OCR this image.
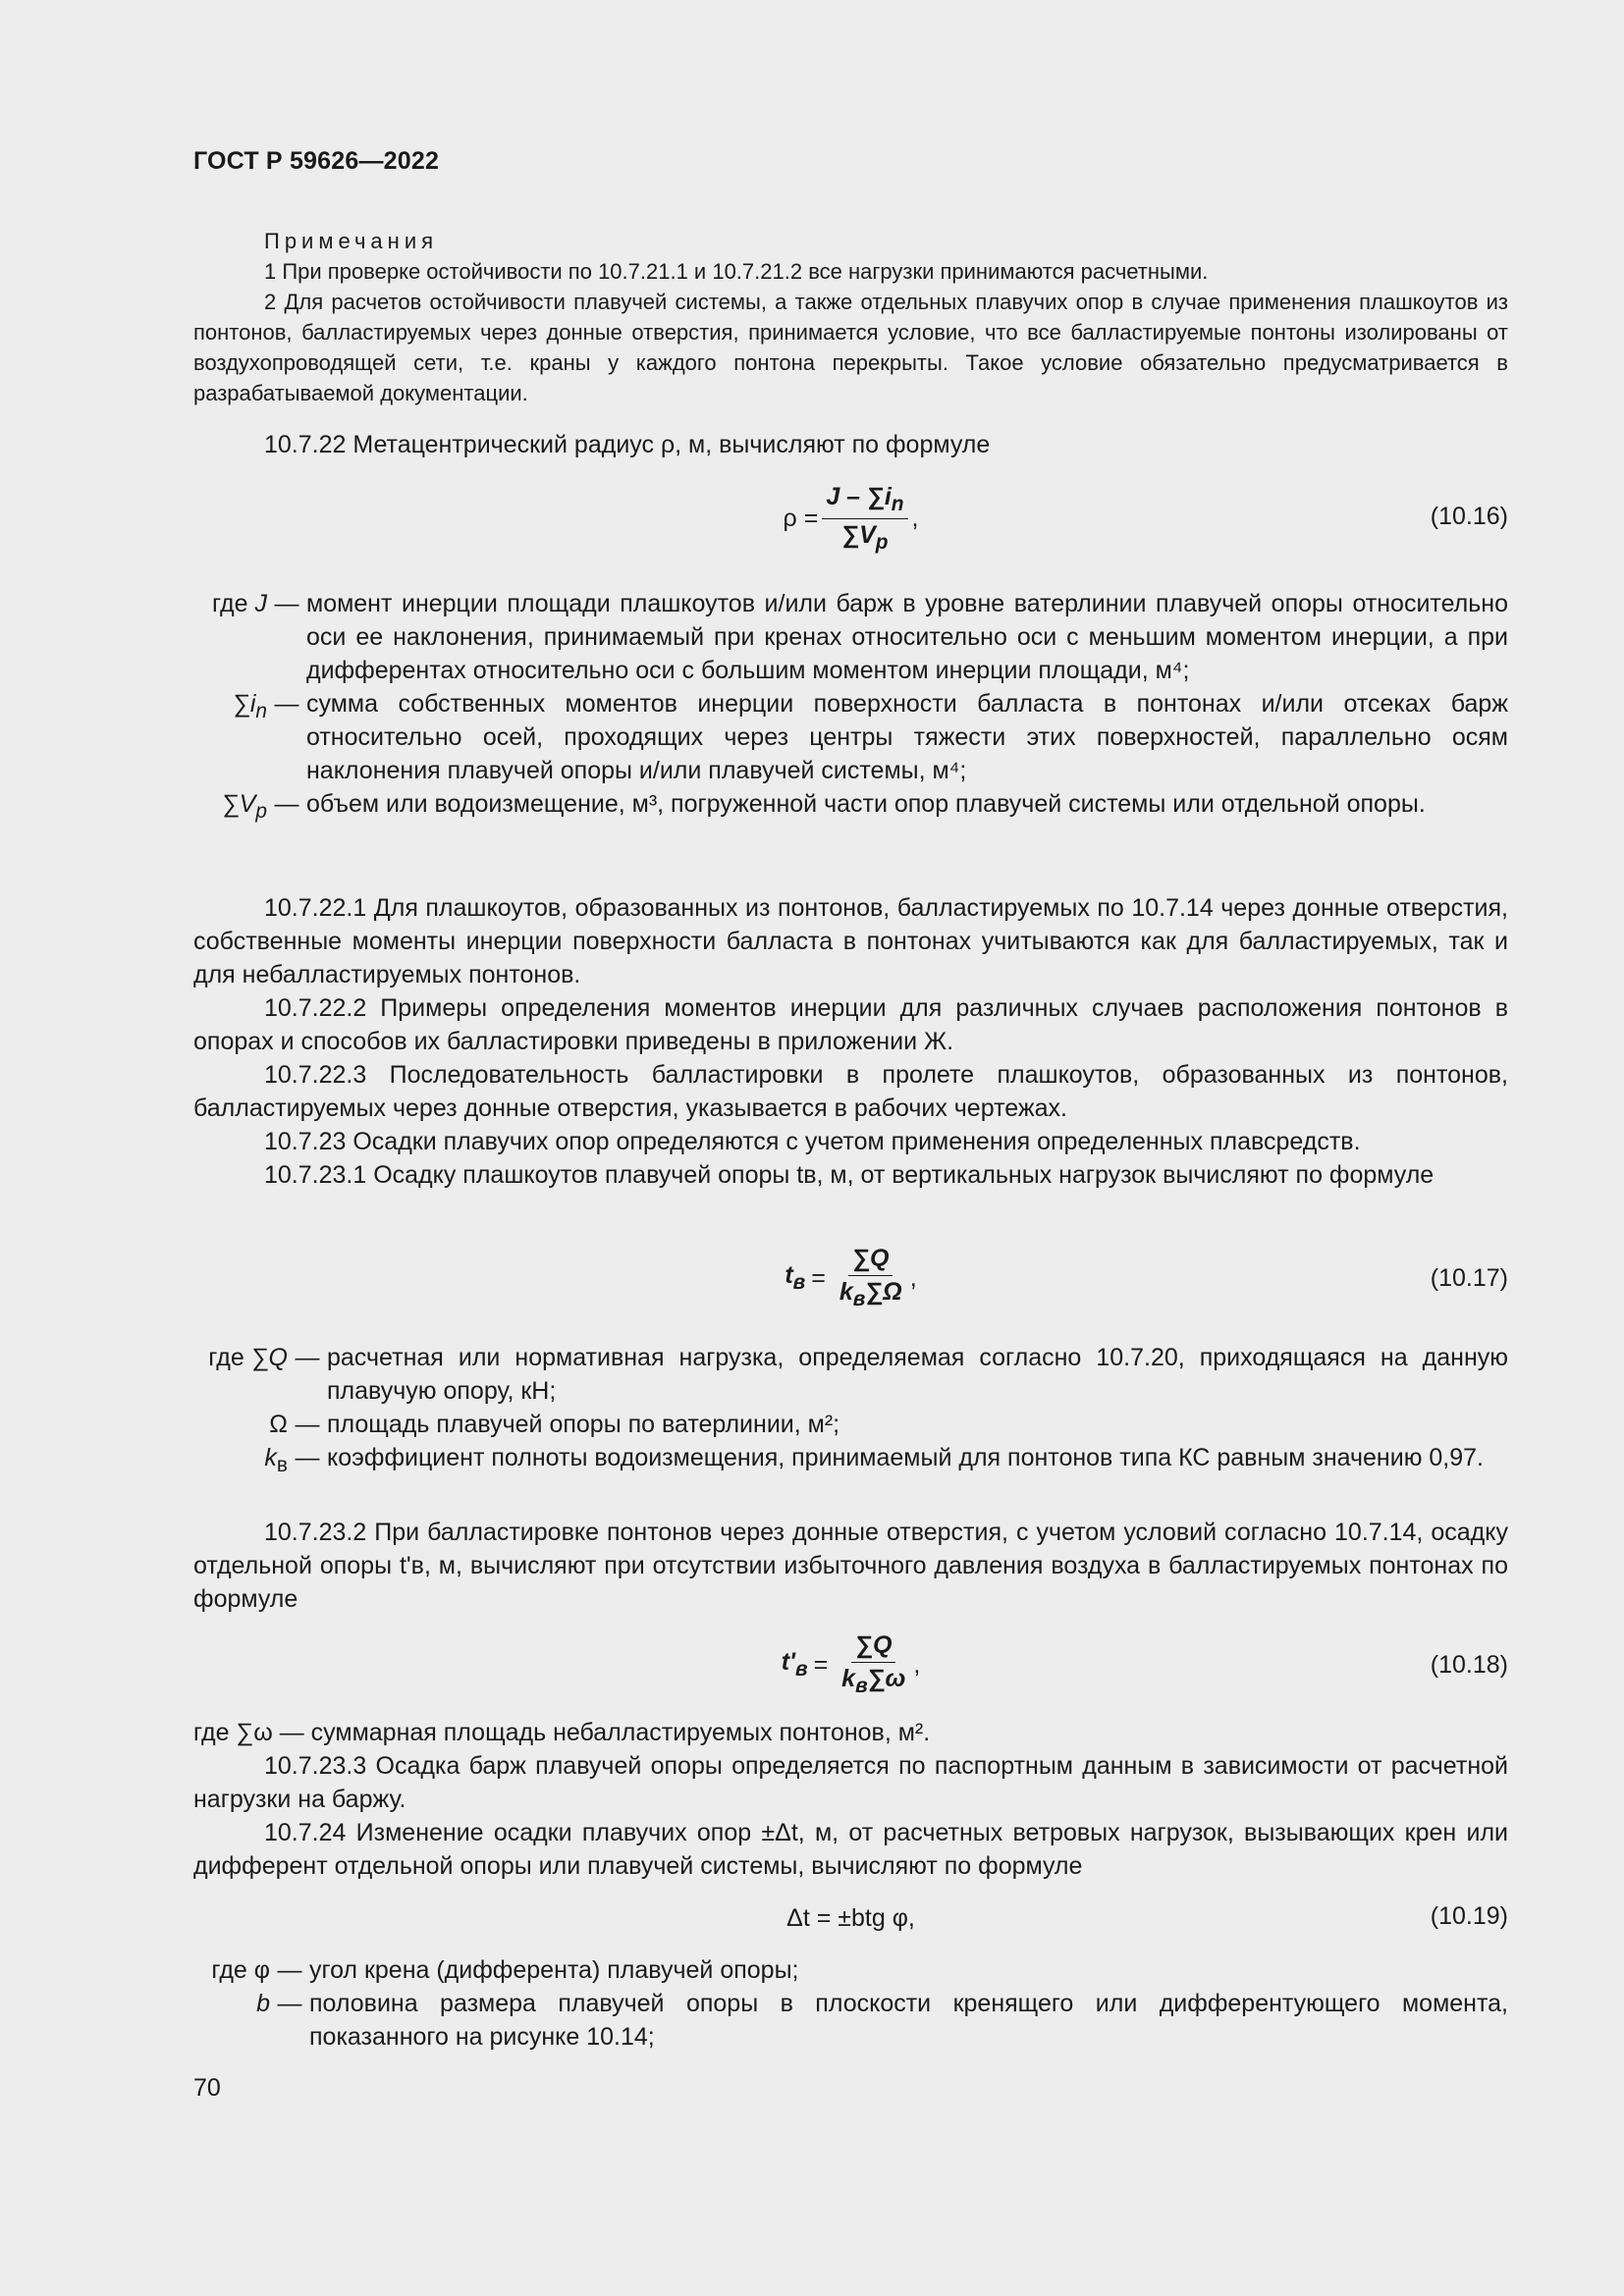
ГОСТ Р 59626—2022
Примечания

1 При проверке остойчивости по 10.7.21.1 и 10.7.21.2 все нагрузки принимаются расчетными.

2 Для расчетов остойчивости плавучей системы, а также отдельных плавучих опор в случае применения плашкоутов из понтонов, балластируемых через донные отверстия, принимается условие, что все балластируемые понтоны изолированы от воздухопроводящей сети, т.е. краны у каждого понтона перекрыты. Такое условие обязательно предусматривается в разрабатываемой документации.

10.7.22 Метацентрический радиус ρ, м, вычисляют по формуле

$\rho = \frac{J - \sum i_n}{\sum V_p}$ ,	(10.16)
где J — момент инерции площади плашкоутов и/или барж в уровне ватерлинии плавучей опоры относительно оси ее наклонения, принимаемый при кренах относительно оси с меньшим моментом инерции, а при дифферентах относительно оси с большим моментом инерции площади, м⁴;
$\sum i_n$ — сумма собственных моментов инерции поверхности балласта в понтонах и/или отсеках барж относительно осей, проходящих через центры тяжести этих поверхностей, параллельно осям наклонения плавучей опоры и/или плавучей системы, м⁴;
$\sum V_p$ — объем или водоизмещение, м³, погруженной части опор плавучей системы или отдельной опоры.

10.7.22.1 Для плашкоутов, образованных из понтонов, балластируемых по 10.7.14 через донные отверстия, собственные моменты инерции поверхности балласта в понтонах учитываются как для балластируемых, так и для небалластируемых понтонов.

10.7.22.2 Примеры определения моментов инерции для различных случаев расположения понтонов в опорах и способов их балластировки приведены в приложении Ж.

10.7.22.3 Последовательность балластировки в пролете плашкоутов, образованных из понтонов, балластируемых через донные отверстия, указывается в рабочих чертежах.

10.7.23 Осадки плавучих опор определяются с учетом применения определенных плавсредств.

10.7.23.1 Осадку плашкоутов плавучей опоры tв, м, от вертикальных нагрузок вычисляют по формуле

$t_в = \frac{\sum Q}{k_в\sum\Omega}$ ,	(10.17)
где ∑Q — расчетная или нормативная нагрузка, определяемая согласно 10.7.20, приходящаяся на данную плавучую опору, кН;
Ω — площадь плавучей опоры по ватерлинии, м²;
$k_в$ — коэффициент полноты водоизмещения, принимаемый для понтонов типа КС равным значению 0,97.

10.7.23.2 При балластировке понтонов через донные отверстия, с учетом условий согласно 10.7.14, осадку отдельной опоры t'в, м, вычисляют при отсутствии избыточного давления воздуха в балластируемых понтонах по формуле

$t'_в = \frac{\sum Q}{k_в\sum\omega}$ ,	(10.18)

где ∑ω — суммарная площадь небалластируемых понтонов, м².

10.7.23.3 Осадка барж плавучей опоры определяется по паспортным данным в зависимости от расчетной нагрузки на баржу.

10.7.24 Изменение осадки плавучих опор ±Δt, м, от расчетных ветровых нагрузок, вызывающих крен или дифферент отдельной опоры или плавучей системы, вычисляют по формуле

Δt = ±btg φ,	(10.19)
где φ — угол крена (дифферента) плавучей опоры;
b — половина размера плавучей опоры в плоскости кренящего или дифферентующего момента, показанного на рисунке 10.14;
70
